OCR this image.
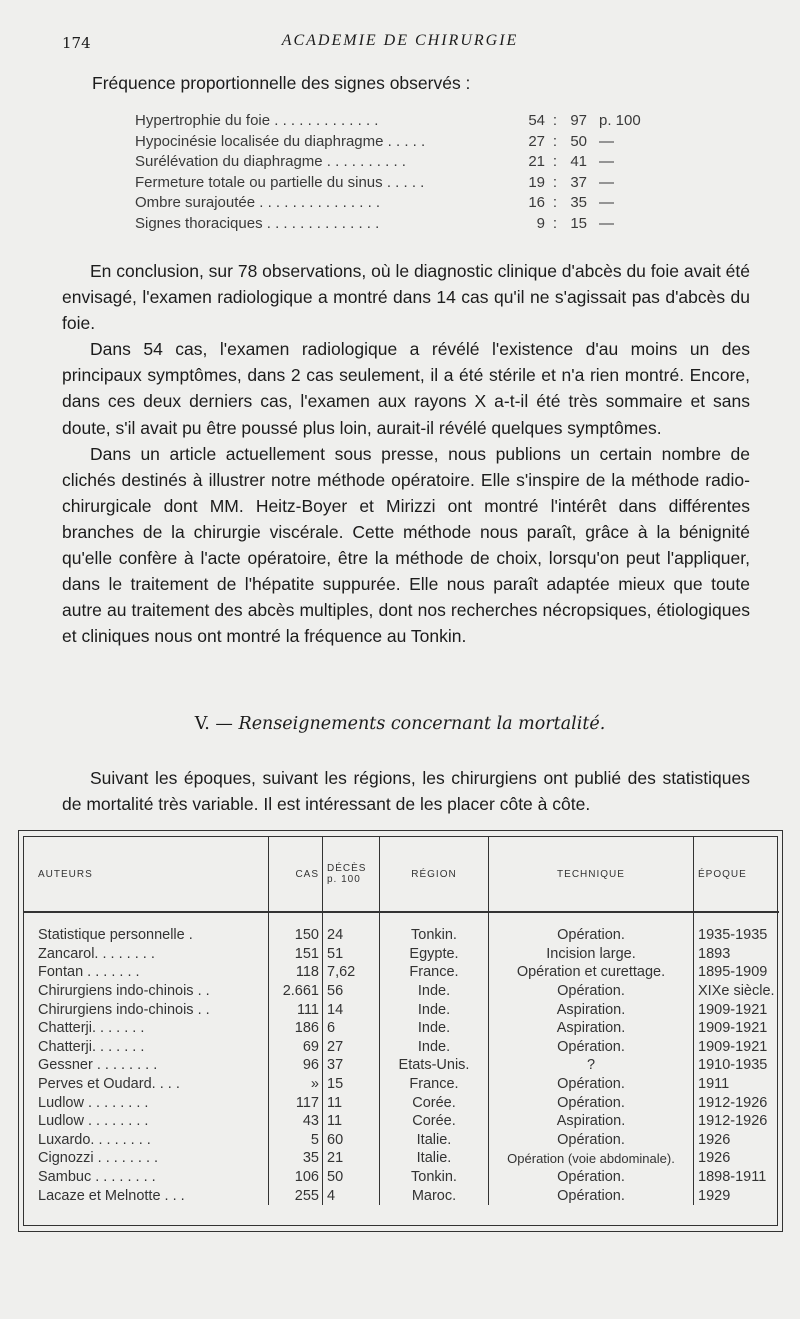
174	ACADEMIE DE CHIRURGIE
Fréquence proportionnelle des signes observés :
Hypertrophie du foie . . . . . . . . . . . . .	54 : 97 p. 100
Hypocinésie localisée du diaphragme . . . . .	27 : 50 —
Surélévation du diaphragme . . . . . . . . . .	21 : 41 —
Fermeture totale ou partielle du sinus . . . . .	19 : 37 —
Ombre surajoutée . . . . . . . . . . . . . . .	16 : 35 —
Signes thoraciques . . . . . . . . . . . . . .	9 : 15 —

En conclusion, sur 78 observations, où le diagnostic clinique d'abcès du foie avait été envisagé, l'examen radiologique a montré dans 14 cas qu'il ne s'agissait pas d'abcès du foie.

Dans 54 cas, l'examen radiologique a révélé l'existence d'au moins un des principaux symptômes, dans 2 cas seulement, il a été stérile et n'a rien montré. Encore, dans ces deux derniers cas, l'examen aux rayons X a-t-il été très sommaire et sans doute, s'il avait pu être poussé plus loin, aurait-il révélé quelques symptômes.

Dans un article actuellement sous presse, nous publions un certain nombre de clichés destinés à illustrer notre méthode opératoire. Elle s'inspire de la méthode radio-chirurgicale dont MM. Heitz-Boyer et Mirizzi ont montré l'intérêt dans différentes branches de la chirurgie viscérale. Cette méthode nous paraît, grâce à la bénignité qu'elle confère à l'acte opératoire, être la méthode de choix, lorsqu'on peut l'appliquer, dans le traitement de l'hépatite suppurée. Elle nous paraît adaptée mieux que toute autre au traitement des abcès multiples, dont nos recherches nécropsiques, étiologiques et cliniques nous ont montré la fréquence au Tonkin.

V. — Renseignements concernant la mortalité.

Suivant les époques, suivant les régions, les chirurgiens ont publié des statistiques de mortalité très variable. Il est intéressant de les placer côte à côte.

AUTEURS	CAS	DÉCÈS p. 100	RÉGION	TECHNIQUE	ÉPOQUE

Statistique personnelle .	150	24	Tonkin.	Opération.	1935-1935
Zancarol. . . . . . . .	151	51	Egypte.	Incision large.	1893
Fontan . . . . . . .	118	7,62	France.	Opération et curettage.	1895-1909
Chirurgiens indo-chinois . .	2.661	56	Inde.	Opération.	XIXe siècle.
Chirurgiens indo-chinois . .	111	14	Inde.	Aspiration.	1909-1921
Chatterji. . . . . . .	186	6	Inde.	Aspiration.	1909-1921
Chatterji. . . . . . .	69	27	Inde.	Opération.	1909-1921
Gessner . . . . . . . .	96	37	Etats-Unis.	?	1910-1935
Perves et Oudard. . . .	»	15	France.	Opération.	1911
Ludlow . . . . . . . .	117	11	Corée.	Opération.	1912-1926
Ludlow . . . . . . . .	43	11	Corée.	Aspiration.	1912-1926
Luxardo. . . . . . . .	5	60	Italie.	Opération.	1926
Cignozzi . . . . . . . .	35	21	Italie.	Opération (voie abdominale).	1926
Sambuc . . . . . . . .	106	50	Tonkin.	Opération.	1898-1911
Lacaze et Melnotte . . .	255	4	Maroc.	Opération.	1929
